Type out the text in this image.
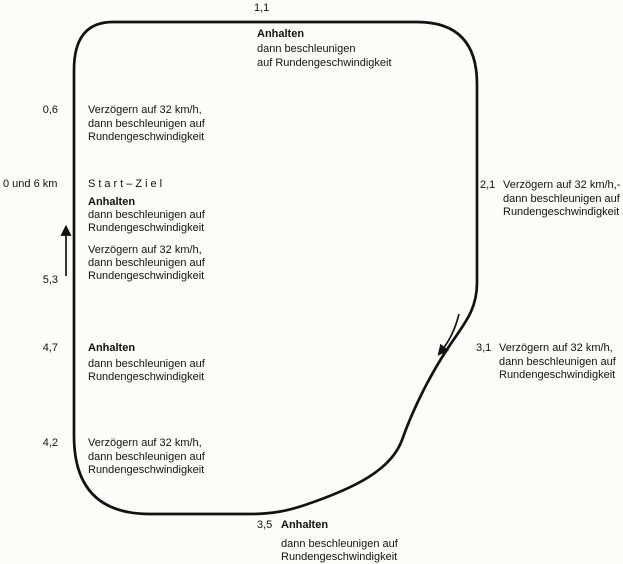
1,1

Anhalten

dann beschleunigen

auf Rundengeschwindigkeit

0,6	Verzögern auf 32 km/h,

dann beschleunigen auf

Rundengeschwindigkeit

0 und 6 km	Start–Ziel

Anhalten

dann beschleunigen auf

Rundengeschwindigkeit

Verzögern auf 32 km/h,

dann beschleunigen auf

Rundengeschwindigkeit

5,3
4,7	Anhalten

dann beschleunigen auf

Rundengeschwindigkeit

4,2	Verzögern auf 32 km/h,

dann beschleunigen auf

Rundengeschwindigkeit

2,1 Verzögern auf 32 km/h,-

dann beschleunigen auf

Rundengeschwindigkeit

3,1 Verzögern auf 32 km/h,

dann beschleunigen auf

Rundengeschwindigkeit

3,5 Anhalten

dann beschleunigen auf

Rundengeschwindigkeit
